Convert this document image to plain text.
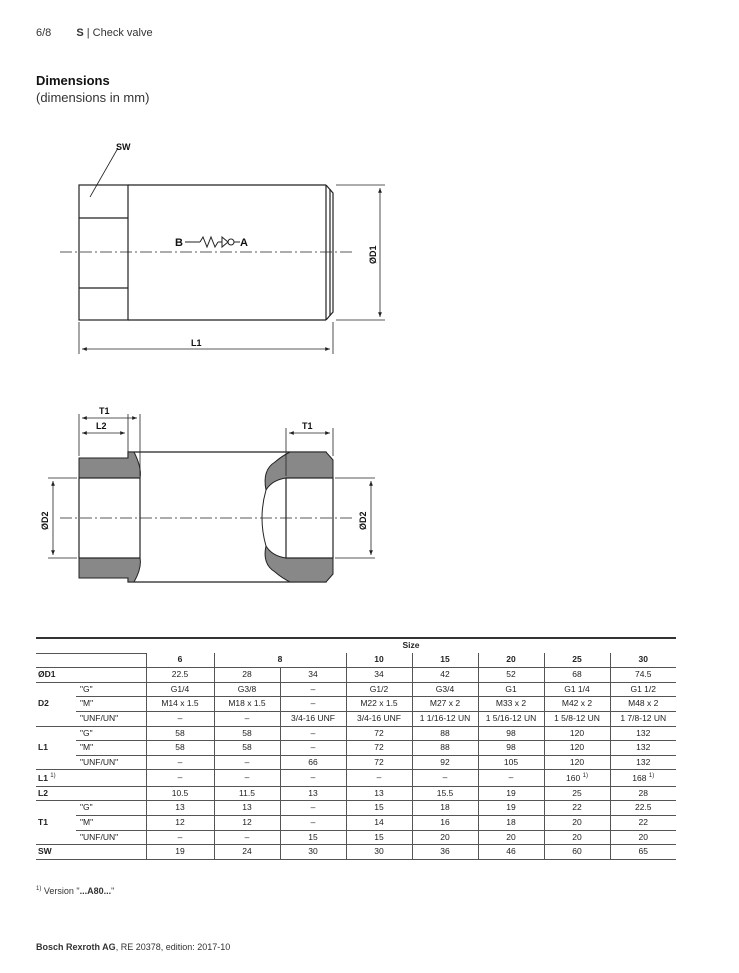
6/8 S | Check valve
Dimensions
(dimensions in mm)
SW
B	A
ØD1
L1
T1
L2	T1
ØD2	ØD2
		Size							
		6	8		10	15	20	25	30
ØD1		22.5	28	34	34	42	52	68	74.5
D2	"G"	G1/4	G3/8	–	G1/2	G3/4	G1	G1 1/4	G1 1/2
	"M"	M14 x 1.5	M18 x 1.5	–	M22 x 1.5	M27 x 2	M33 x 2	M42 x 2	M48 x 2
	"UNF/UN"	–	–	3/4-16 UNF	3/4-16 UNF	1 1/16-12 UN	1 5/16-12 UN	1 5/8-12 UN	1 7/8-12 UN
L1	"G"	58	58	–	72	88	98	120	132
	"M"	58	58	–	72	88	98	120	132
	"UNF/UN"	–	–	66	72	92	105	120	132
L1 $^{1)}$		–	–	–	–	–	–	160 $^{1)}$	168 $^{1)}$
L2		10.5	11.5	13	13	15.5	19	25	28
T1	"G"	13	13	–	15	18	19	22	22.5
	"M"	12	12	–	14	16	18	20	22
	"UNF/UN"	–	–	15	15	20	20	20	20
SW		19	24	30	30	36	46	60	65
$^{1)}$ Version "...A80..."
Bosch Rexroth AG, RE 20378, edition: 2017-10
